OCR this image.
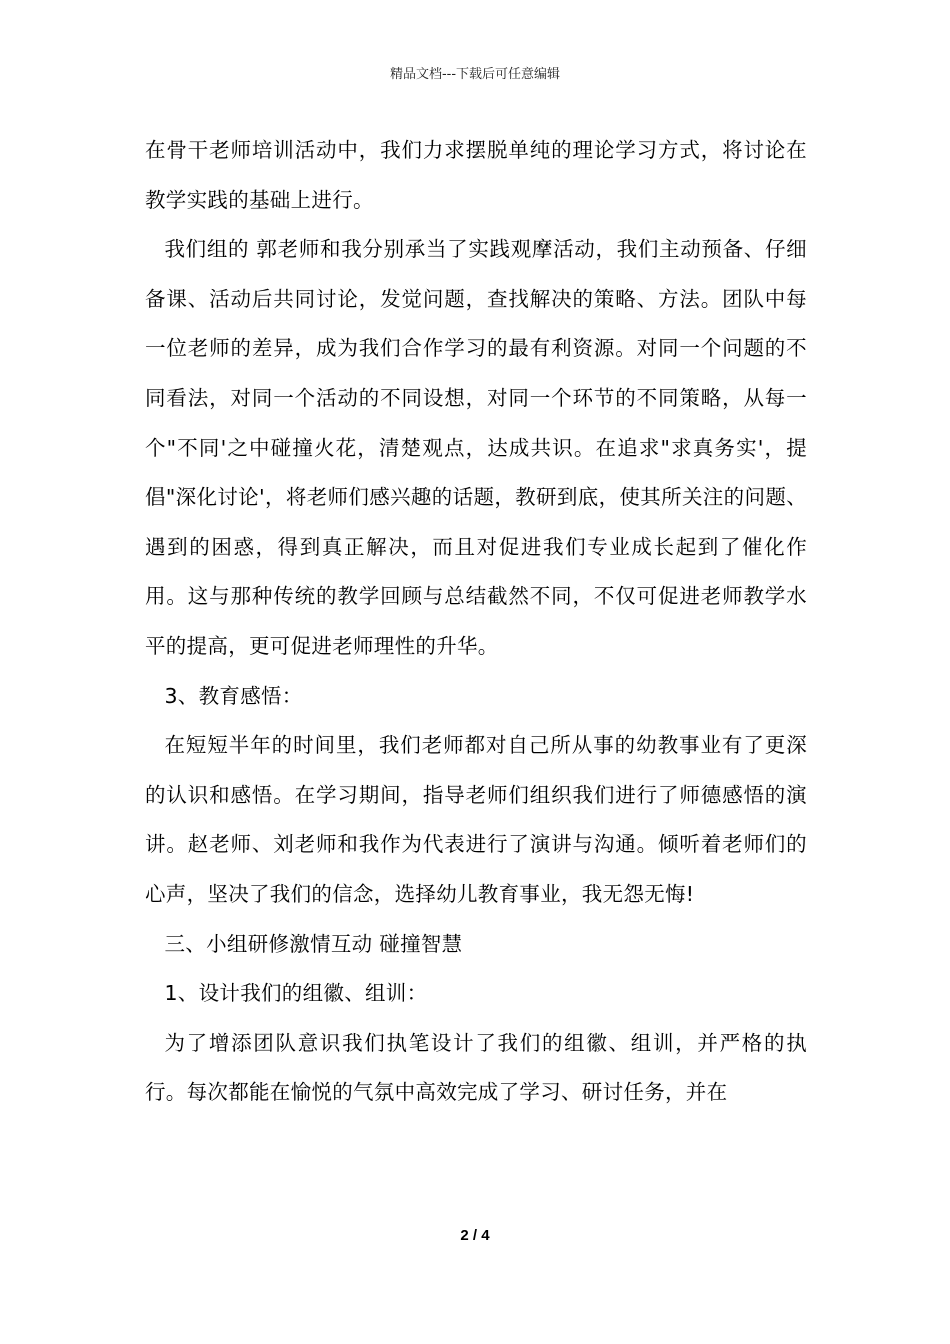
精品文档---下载后可任意编辑

在骨干老师培训活动中，我们力求摆脱单纯的理论学习方式，将讨论在教学实践的基础上进行。

我们组的 郭老师和我分别承当了实践观摩活动，我们主动预备、仔细备课、活动后共同讨论，发觉问题，查找解决的策略、方法。团队中每一位老师的差异，成为我们合作学习的最有利资源。对同一个问题的不同看法，对同一个活动的不同设想，对同一个环节的不同策略，从每一个"不同'之中碰撞火花，清楚观点，达成共识。在追求"求真务实'，提倡"深化讨论'，将老师们感兴趣的话题，教研到底，使其所关注的问题、遇到的困惑，得到真正解决，而且对促进我们专业成长起到了催化作用。这与那种传统的教学回顾与总结截然不同，不仅可促进老师教学水平的提高，更可促进老师理性的升华。

3、教育感悟：

在短短半年的时间里，我们老师都对自己所从事的幼教事业有了更深的认识和感悟。在学习期间，指导老师们组织我们进行了师德感悟的演讲。赵老师、刘老师和我作为代表进行了演讲与沟通。倾听着老师们的心声，坚决了我们的信念，选择幼儿教育事业，我无怨无悔!

三、小组研修激情互动 碰撞智慧

1、设计我们的组徽、组训：

为了增添团队意识我们执笔设计了我们的组徽、组训，并严格的执行。每次都能在愉悦的气氛中高效完成了学习、研讨任务，并在

2 / 4
